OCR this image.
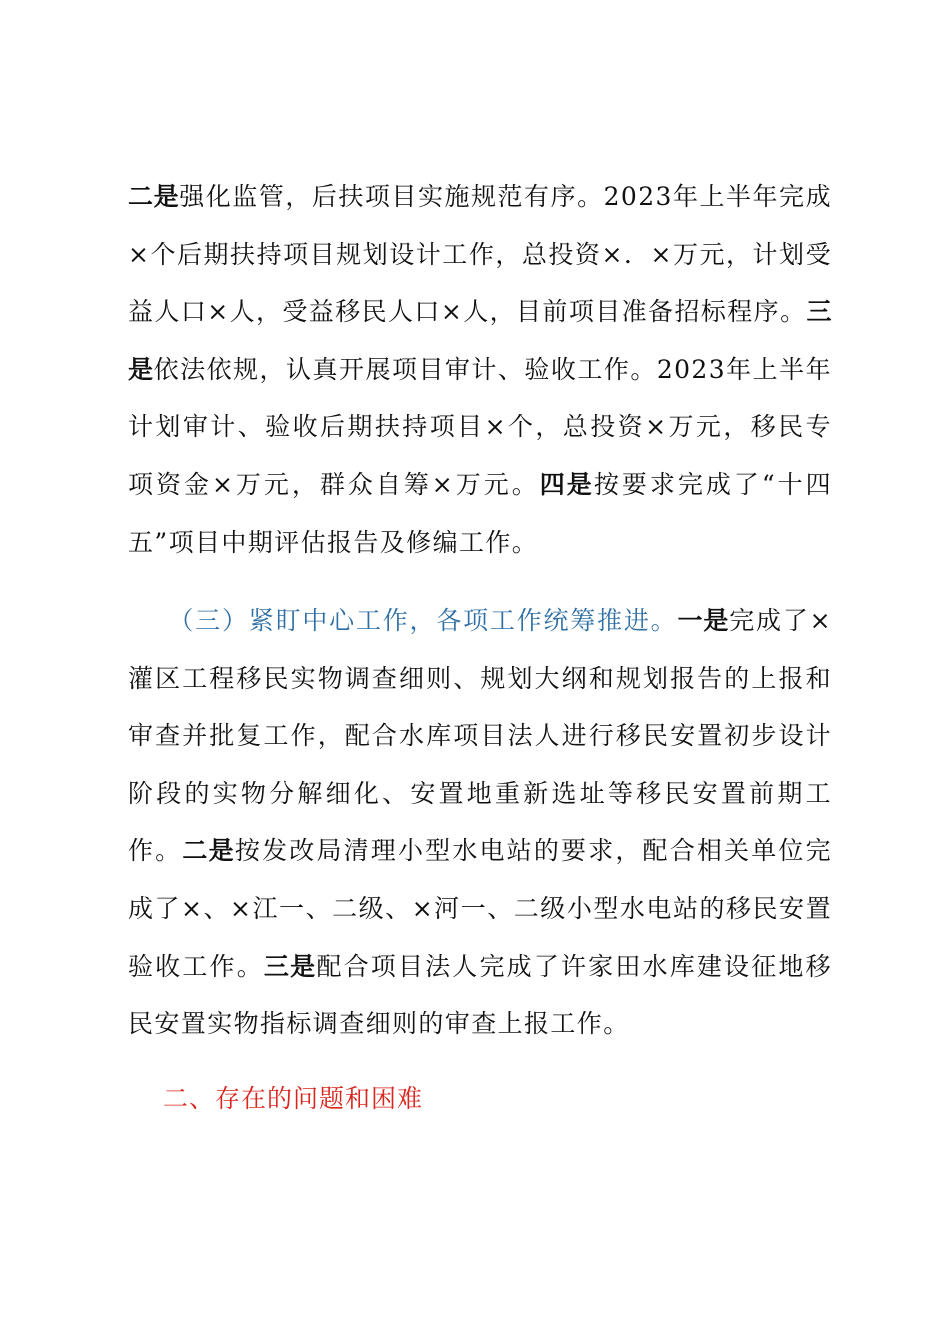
二是强化监管，后扶项目实施规范有序。2023年上半年完成×个后期扶持项目规划设计工作，总投资×．×万元，计划受益人口×人，受益移民人口×人，目前项目准备招标程序。三是依法依规，认真开展项目审计、验收工作。2023年上半年计划审计、验收后期扶持项目×个，总投资×万元，移民专项资金×万元，群众自筹×万元。四是按要求完成了“十四五”项目中期评估报告及修编工作。

（三）紧盯中心工作，各项工作统筹推进。一是完成了×灌区工程移民实物调查细则、规划大纲和规划报告的上报和审查并批复工作，配合水库项目法人进行移民安置初步设计阶段的实物分解细化、安置地重新选址等移民安置前期工作。二是按发改局清理小型水电站的要求，配合相关单位完成了×、×江一、二级、×河一、二级小型水电站的移民安置验收工作。三是配合项目法人完成了许家田水库建设征地移民安置实物指标调查细则的审查上报工作。

二、存在的问题和困难
